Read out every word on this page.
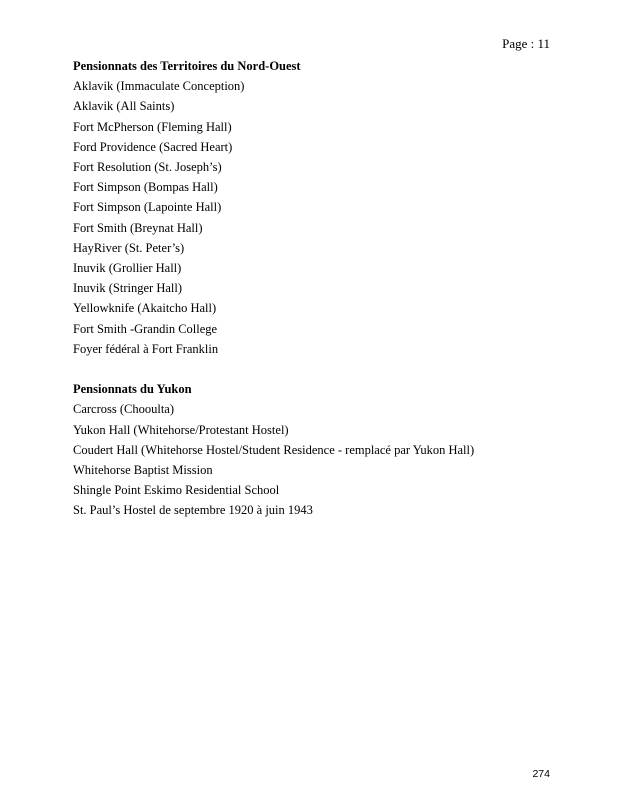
Page : 11
Pensionnats des Territoires du Nord-Ouest
Aklavik (Immaculate Conception)
Aklavik (All Saints)
Fort McPherson (Fleming Hall)
Ford Providence (Sacred Heart)
Fort Resolution (St. Joseph’s)
Fort Simpson (Bompas Hall)
Fort Simpson (Lapointe Hall)
Fort Smith (Breynat Hall)
HayRiver (St. Peter’s)
Inuvik (Grollier Hall)
Inuvik (Stringer Hall)
Yellowknife (Akaitcho Hall)
Fort Smith -Grandin College
Foyer fédéral à Fort Franklin
Pensionnats du Yukon
Carcross (Chooulta)
Yukon Hall (Whitehorse/Protestant Hostel)
Coudert Hall (Whitehorse Hostel/Student Residence - remplacé par Yukon Hall)
Whitehorse Baptist Mission
Shingle Point Eskimo Residential School
St. Paul’s Hostel de septembre 1920 à juin 1943
274
